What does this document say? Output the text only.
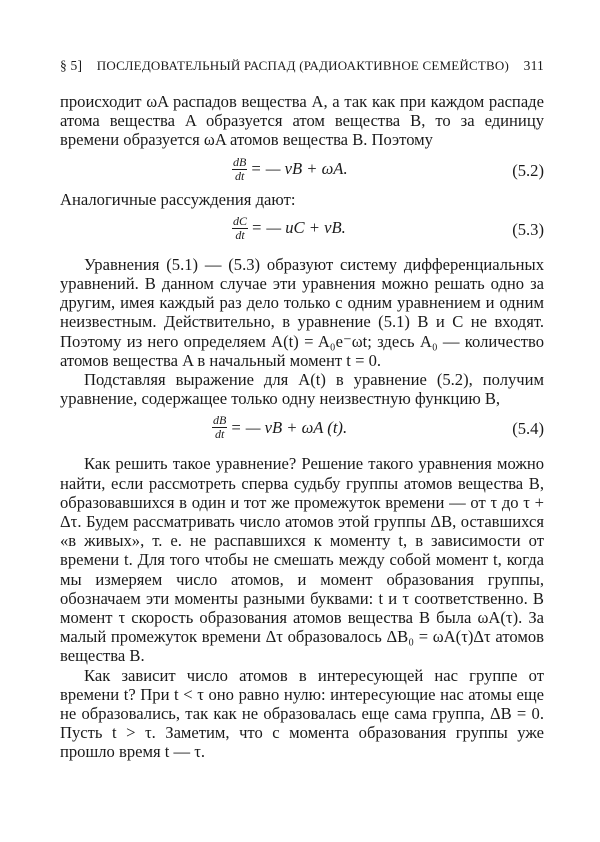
§ 5] ПОСЛЕДОВАТЕЛЬНЫЙ РАСПАД (РАДИОАКТИВНОЕ СЕМЕЙСТВО) 311

происходит ωA распадов вещества A, а так как при каждом распаде атома вещества A образуется атом вещества B, то за единицу времени образуется ωA атомов вещества B. Поэтому

$\frac{dB}{dt}$ = — vB + ωA.	(5.2)

Аналогичные рассуждения дают:

$\frac{dC}{dt}$ = — uC + vB.	(5.3)

Уравнения (5.1) — (5.3) образуют систему дифференциальных уравнений. В данном случае эти уравнения можно решать одно за другим, имея каждый раз дело только с одним уравнением и одним неизвестным. Действительно, в уравнение (5.1) B и C не входят. Поэтому из него определяем A(t) = A₀e⁻ωt; здесь A₀ — количество атомов вещества A в начальный момент t = 0.

Подставляя выражение для A(t) в уравнение (5.2), получим уравнение, содержащее только одну неизвестную функцию B,

$\frac{dB}{dt}$ = — vB + ωA (t).	(5.4)

Как решить такое уравнение? Решение такого уравнения можно найти, если рассмотреть сперва судьбу группы атомов вещества B, образовавшихся в один и тот же промежуток времени — от τ до τ + Δτ. Будем рассматривать число атомов этой группы ΔB, оставшихся «в живых», т. е. не распавшихся к моменту t, в зависимости от времени t. Для того чтобы не смешать между собой момент t, когда мы измеряем число атомов, и момент образования группы, обозначаем эти моменты разными буквами: t и τ соответственно. В момент τ скорость образования атомов вещества B была ωA(τ). За малый промежуток времени Δτ образовалось ΔB₀ = ωA(τ)Δτ атомов вещества B.

Как зависит число атомов в интересующей нас группе от времени t? При t < τ оно равно нулю: интересующие нас атомы еще не образовались, так как не образовалась еще сама группа, ΔB = 0. Пусть t > τ. Заметим, что с момента образования группы уже прошло время t — τ.
